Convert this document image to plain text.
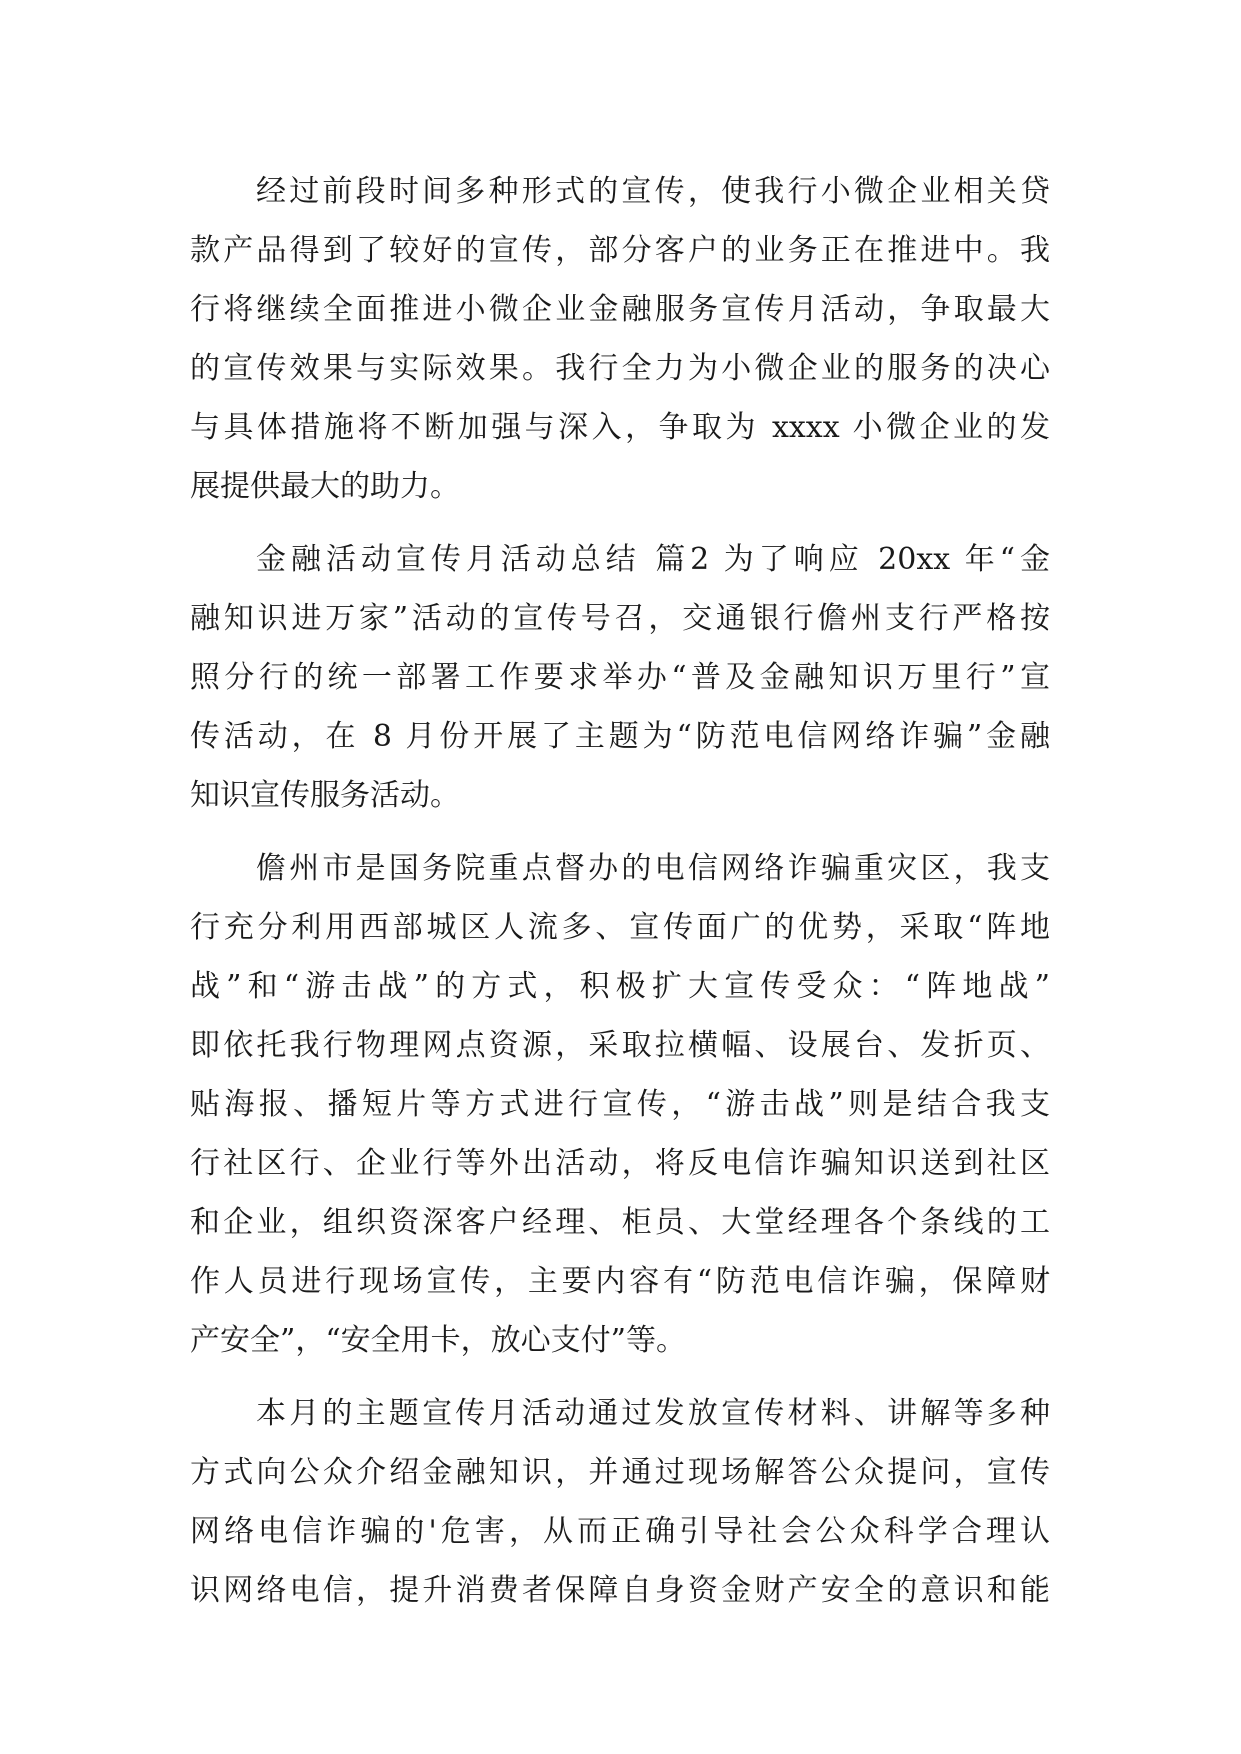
经过前段时间多种形式的宣传，使我行小微企业相关贷
款产品得到了较好的宣传，部分客户的业务正在推进中。我
行将继续全面推进小微企业金融服务宣传月活动，争取最大
的宣传效果与实际效果。我行全力为小微企业的服务的决心
与具体措施将不断加强与深入，争取为 xxxx 小微企业的发
展提供最大的助力。
金融活动宣传月活动总结 篇2 为了响应 20xx 年“金
融知识进万家”活动的宣传号召，交通银行儋州支行严格按
照分行的统一部署工作要求举办“普及金融知识万里行”宣
传活动，在 8 月份开展了主题为“防范电信网络诈骗”金融
知识宣传服务活动。
儋州市是国务院重点督办的电信网络诈骗重灾区，我支
行充分利用西部城区人流多、宣传面广的优势，采取“阵地
战”和“游击战”的方式，积极扩大宣传受众：“阵地战”
即依托我行物理网点资源，采取拉横幅、设展台、发折页、
贴海报、播短片等方式进行宣传，“游击战”则是结合我支
行社区行、企业行等外出活动，将反电信诈骗知识送到社区
和企业，组织资深客户经理、柜员、大堂经理各个条线的工
作人员进行现场宣传，主要内容有“防范电信诈骗，保障财
产安全”，“安全用卡，放心支付”等。
本月的主题宣传月活动通过发放宣传材料、讲解等多种
方式向公众介绍金融知识，并通过现场解答公众提问，宣传
网络电信诈骗的'危害，从而正确引导社会公众科学合理认
识网络电信，提升消费者保障自身资金财产安全的意识和能
